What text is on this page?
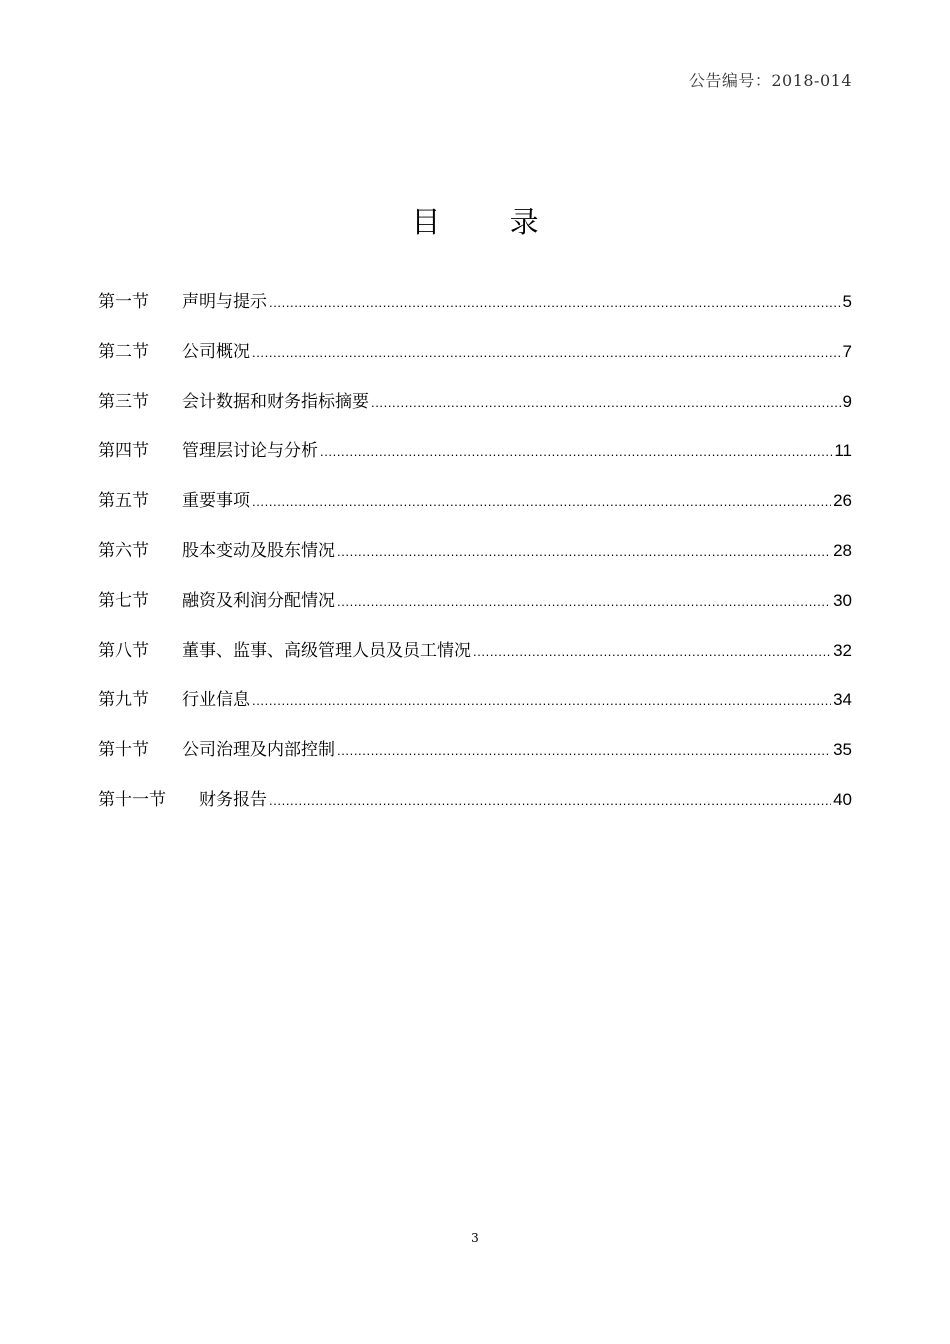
公告编号：2018-014
目 录
第一节	声明与提示 .....	5
第二节	公司概况 .....	7
第三节	会计数据和财务指标摘要 .....	9
第四节	管理层讨论与分析 .....	11
第五节	重要事项 .....	26
第六节	股本变动及股东情况 .....	28
第七节	融资及利润分配情况 .....	30
第八节	董事、监事、高级管理人员及员工情况 .....	32
第九节	行业信息 .....	34
第十节	公司治理及内部控制 .....	35
第十一节	财务报告 .....	40
3
